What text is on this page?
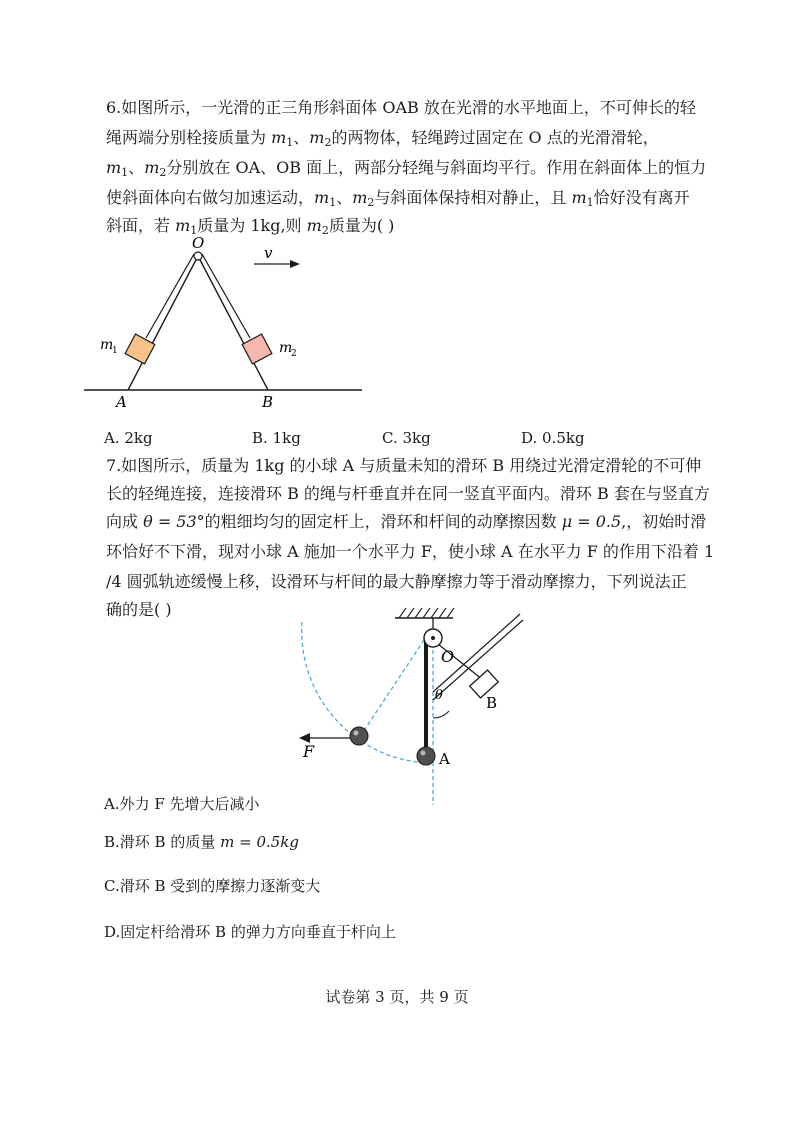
6.如图所示，一光滑的正三角形斜面体 OAB 放在光滑的水平地面上，不可伸长的轻
绳两端分别栓接质量为 $m_1$、$m_2$的两物体，轻绳跨过固定在 O 点的光滑滑轮，
$m_1$、$m_2$分别放在 OA、OB 面上，两部分轻绳与斜面均平行。作用在斜面体上的恒力
使斜面体向右做匀加速运动，$m_1$、$m_2$与斜面体保持相对静止，且 $m_1$恰好没有离开
斜面，若 $m_1$质量为 1kg,则 $m_2$质量为( )
O
v
A	B
m
1	m
2
A. 2kg	B. 1kg	C. 3kg	D. 0.5kg
7.如图所示，质量为 1kg 的小球 A 与质量未知的滑环 B 用绕过光滑定滑轮的不可伸
长的轻绳连接，连接滑环 B 的绳与杆垂直并在同一竖直平面内。滑环 B 套在与竖直方
向成 θ = 53°的粗细均匀的固定杆上，滑环和杆间的动摩擦因数 μ = 0.5,，初始时滑
环恰好不下滑，现对小球 A 施加一个水平力 F，使小球 A 在水平力 F 的作用下沿着 1
/4 圆弧轨迹缓慢上移，设滑环与杆间的最大静摩擦力等于滑动摩擦力，下列说法正
确的是( )
O
θ	B
A
F
A.外力 F 先增大后减小
B.滑环 B 的质量 m = 0.5kg
C.滑环 B 受到的摩擦力逐渐变大
D.固定杆给滑环 B 的弹力方向垂直于杆向上
试卷第 3 页，共 9 页
